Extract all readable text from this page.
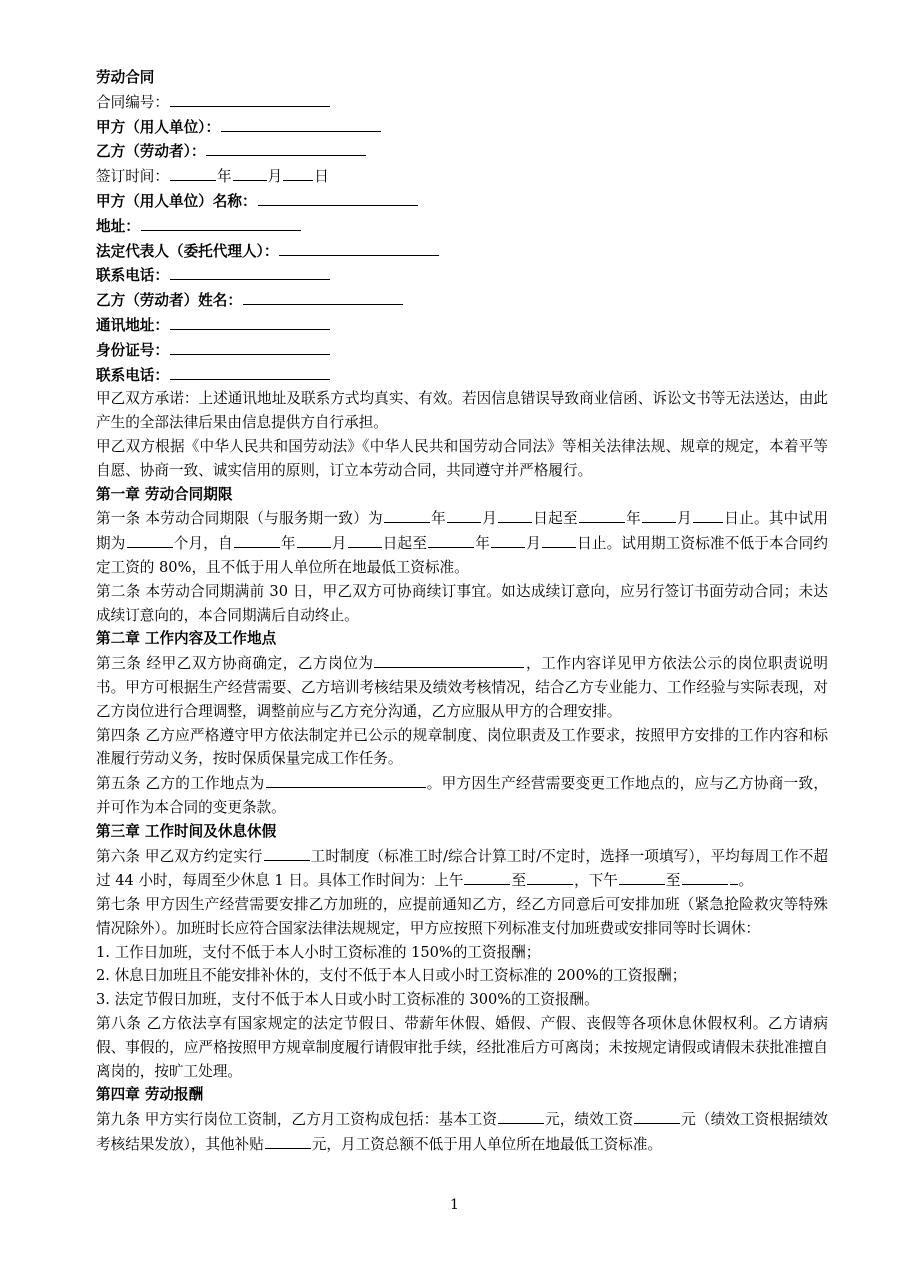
劳动合同

合同编号：

甲方（用人单位）：

乙方（劳动者）：

签订时间：	年 月 日

甲方（用人单位）名称：

地址：

法定代表人（委托代理人）：

联系电话：

乙方（劳动者）姓名：

通讯地址：

身份证号：

联系电话：

甲乙双方承诺：上述通讯地址及联系方式均真实、有效。若因信息错误导致商业信函、诉讼文书等无法送达，由此产生的全部法律后果由信息提供方自行承担。

甲乙双方根据《中华人民共和国劳动法》《中华人民共和国劳动合同法》等相关法律法规、规章的规定，本着平等自愿、协商一致、诚实信用的原则，订立本劳动合同，共同遵守并严格履行。

第一章 劳动合同期限

第一条 本劳动合同期限（与服务期一致）为	年 月 日起至	年 月 日止。其中试用期为	个月，自	年 月 日起至	年 月 日止。试用期工资标准不低于本合同约定工资的 80%，且不低于用人单位所在地最低工资标准。

第二条 本劳动合同期满前 30 日，甲乙双方可协商续订事宜。如达成续订意向，应另行签订书面劳动合同；未达成续订意向的，本合同期满后自动终止。

第二章 工作内容及工作地点

第三条 经甲乙双方协商确定，乙方岗位为	，工作内容详见甲方依法公示的岗位职责说明书。甲方可根据生产经营需要、乙方培训考核结果及绩效考核情况，结合乙方专业能力、工作经验与实际表现，对乙方岗位进行合理调整，调整前应与乙方充分沟通，乙方应服从甲方的合理安排。

第四条 乙方应严格遵守甲方依法制定并已公示的规章制度、岗位职责及工作要求，按照甲方安排的工作内容和标准履行劳动义务，按时保质保量完成工作任务。

第五条 乙方的工作地点为	。甲方因生产经营需要变更工作地点的，应与乙方协商一致，并可作为本合同的变更条款。

第三章 工作时间及休息休假

第六条 甲乙双方约定实行	工时制度（标准工时/综合计算工时/不定时，选择一项填写），平均每周工作不超过 44 小时，每周至少休息 1 日。具体工作时间为：上午	至	，下午	至	。

第七条 甲方因生产经营需要安排乙方加班的，应提前通知乙方，经乙方同意后可安排加班（紧急抢险救灾等特殊情况除外）。加班时长应符合国家法律法规规定，甲方应按照下列标准支付加班费或安排同等时长调休：

1. 工作日加班，支付不低于本人小时工资标准的 150%的工资报酬；

2. 休息日加班且不能安排补休的，支付不低于本人日或小时工资标准的 200%的工资报酬；

3. 法定节假日加班，支付不低于本人日或小时工资标准的 300%的工资报酬。

第八条 乙方依法享有国家规定的法定节假日、带薪年休假、婚假、产假、丧假等各项休息休假权利。乙方请病假、事假的，应严格按照甲方规章制度履行请假审批手续，经批准后方可离岗；未按规定请假或请假未获批准擅自离岗的，按旷工处理。

第四章 劳动报酬

第九条 甲方实行岗位工资制，乙方月工资构成包括：基本工资	元，绩效工资	元（绩效工资根据绩效考核结果发放），其他补贴	元，月工资总额不低于用人单位所在地最低工资标准。

1
